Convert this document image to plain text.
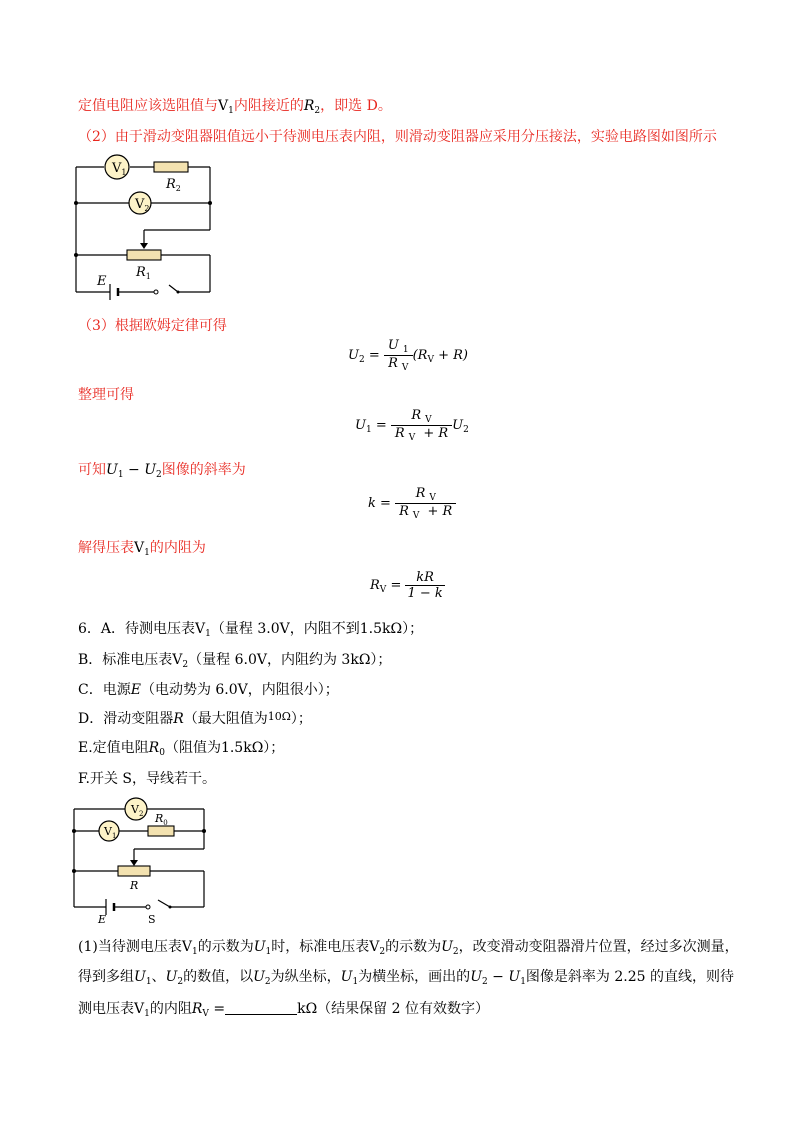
定值电阻应该选阻值与$V_1$内阻接近的$R_2$，即选 D。
（2）由于滑动变阻器阻值远小于待测电压表内阻，则滑动变阻器应采用分压接法，实验电路图如图所示
$V_1$
$V_2$
$R_2$
$R_1$
E
（3）根据欧姆定律可得
$U_2 = \frac{U _1}{R _V} (R_V + R)$
整理可得
$U_1 = \frac{R _V}{R _V + R} U_2$
可知$U_1 - U_2$图像的斜率为
$k = \frac{R _V}{R _V + R}$
解得压表$V_1$的内阻为
$R_V = \frac{kR}{1 - k}$
6．A．待测电压表$V_1$（量程 3.0V，内阻不到1.5kΩ）；
B．标准电压表$V_2$（量程 6.0V，内阻约为 3kΩ）；
C．电源E（电动势为 6.0V，内阻很小）；
D．滑动变阻器R（最大阻值为$^{10\Omega}$）；
E.定值电阻$R_0$（阻值为1.5kΩ）；
F.开关 S，导线若干。
$V_2$
$V_1$
$R_0$
R
E	S
(1)当待测电压表$V_1$的示数为$U_1$时，标准电压表$V_2$的示数为$U_2$，改变滑动变阻器滑片位置，经过多次测量，
得到多组$U_1$、$U_2$的数值，以$U_2$为纵坐标，$U_1$为横坐标，画出的$U_2 - U_1$图像是斜率为 2.25 的直线，则待
测电压表$V_1$的内阻$R_V$ =	kΩ（结果保留 2 位有效数字）
